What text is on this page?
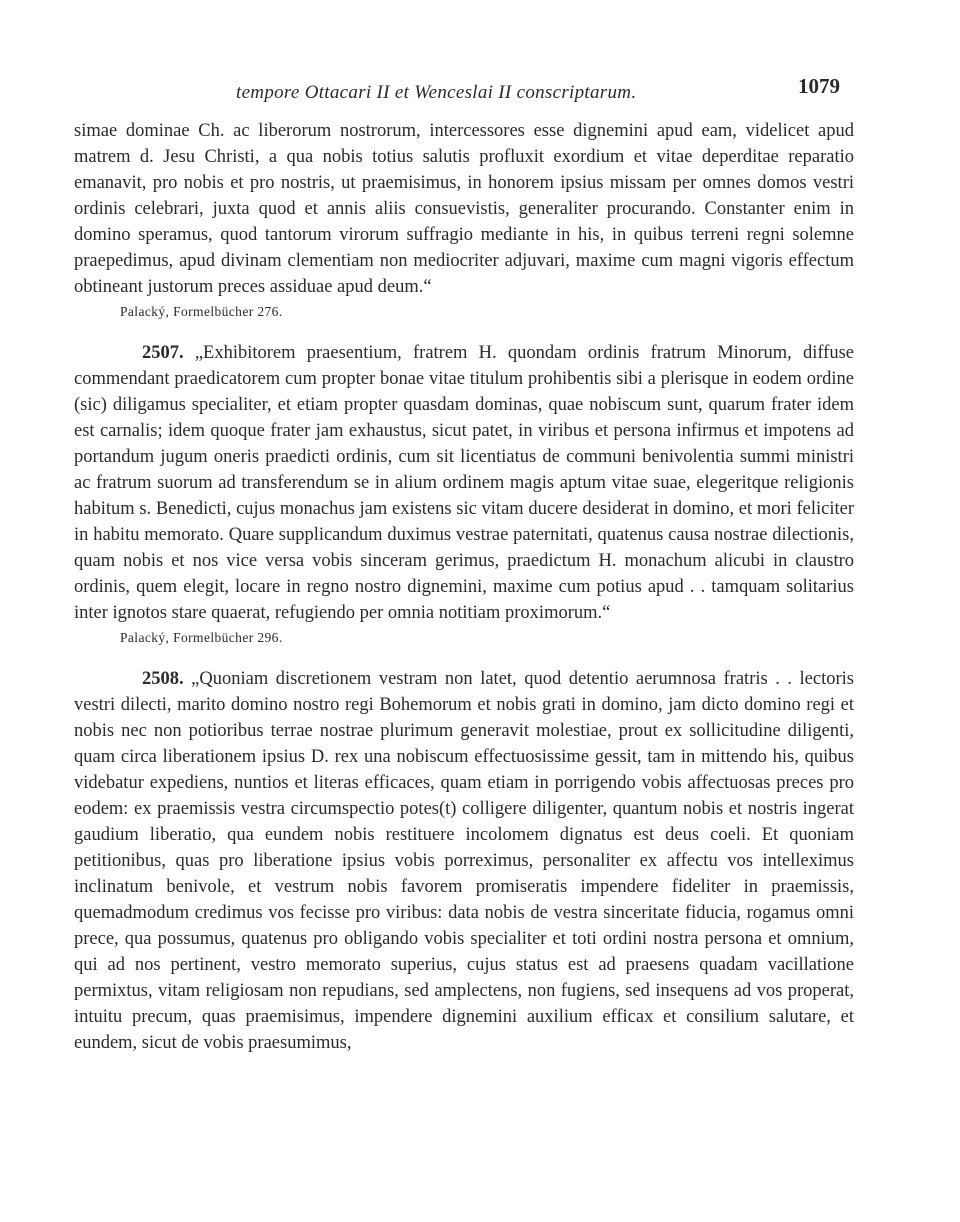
tempore Ottacari II et Wenceslai II conscriptarum.	1079

simae dominae Ch. ac liberorum nostrorum, intercessores esse dignemini apud eam, videlicet apud matrem d. Jesu Christi, a qua nobis totius salutis profluxit exordium et vitae deperditae reparatio emanavit, pro nobis et pro nostris, ut praemisimus, in honorem ipsius missam per omnes domos vestri ordinis celebrari, juxta quod et annis aliis consuevistis, generaliter procurando. Constanter enim in domino speramus, quod tantorum virorum suffragio mediante in his, in quibus terreni regni solemne praepedimus, apud divinam clementiam non mediocriter adjuvari, maxime cum magni vigoris effectum obtineant justorum preces assiduae apud deum.“

Palacký, Formelbücher 276.

2507. „Exhibitorem praesentium, fratrem H. quondam ordinis fratrum Minorum, diffuse commendant praedicatorem cum propter bonae vitae titulum prohibentis sibi a plerisque in eodem ordine (sic) diligamus specialiter, et etiam propter quasdam dominas, quae nobiscum sunt, quarum frater idem est carnalis; idem quoque frater jam exhaustus, sicut patet, in viribus et persona infirmus et impotens ad portandum jugum oneris praedicti ordinis, cum sit licentiatus de communi benivolentia summi ministri ac fratrum suorum ad transferendum se in alium ordinem magis aptum vitae suae, elegeritque religionis habitum s. Benedicti, cujus monachus jam existens sic vitam ducere desiderat in domino, et mori feliciter in habitu memorato. Quare supplicandum duximus vestrae paternitati, quatenus causa nostrae dilectionis, quam nobis et nos vice versa vobis sinceram gerimus, praedictum H. monachum alicubi in claustro ordinis, quem elegit, locare in regno nostro dignemini, maxime cum potius apud . . tamquam solitarius inter ignotos stare quaerat, refugiendo per omnia notitiam proximorum.“

Palacký, Formelbücher 296.

2508. „Quoniam discretionem vestram non latet, quod detentio aerumnosa fratris . . lectoris vestri dilecti, marito domino nostro regi Bohemorum et nobis grati in domino, jam dicto domino regi et nobis nec non potioribus terrae nostrae plurimum generavit molestiae, prout ex sollicitudine diligenti, quam circa liberationem ipsius D. rex una nobiscum effectuosissime gessit, tam in mittendo his, quibus videbatur expediens, nuntios et literas efficaces, quam etiam in porrigendo vobis affectuosas preces pro eodem: ex praemissis vestra circumspectio potes(t) colligere diligenter, quantum nobis et nostris ingerat gaudium liberatio, qua eundem nobis restituere incolomem dignatus est deus coeli. Et quoniam petitionibus, quas pro liberatione ipsius vobis porreximus, personaliter ex affectu vos intelleximus inclinatum benivole, et vestrum nobis favorem promiseratis impendere fideliter in praemissis, quemadmodum credimus vos fecisse pro viribus: data nobis de vestra sinceritate fiducia, rogamus omni prece, qua possumus, quatenus pro obligando vobis specialiter et toti ordini nostra persona et omnium, qui ad nos pertinent, vestro memorato superius, cujus status est ad praesens quadam vacillatione permixtus, vitam religiosam non repudians, sed amplectens, non fugiens, sed insequens ad vos properat, intuitu precum, quas praemisimus, impendere dignemini auxilium efficax et consilium salutare, et eundem, sicut de vobis praesumimus,
